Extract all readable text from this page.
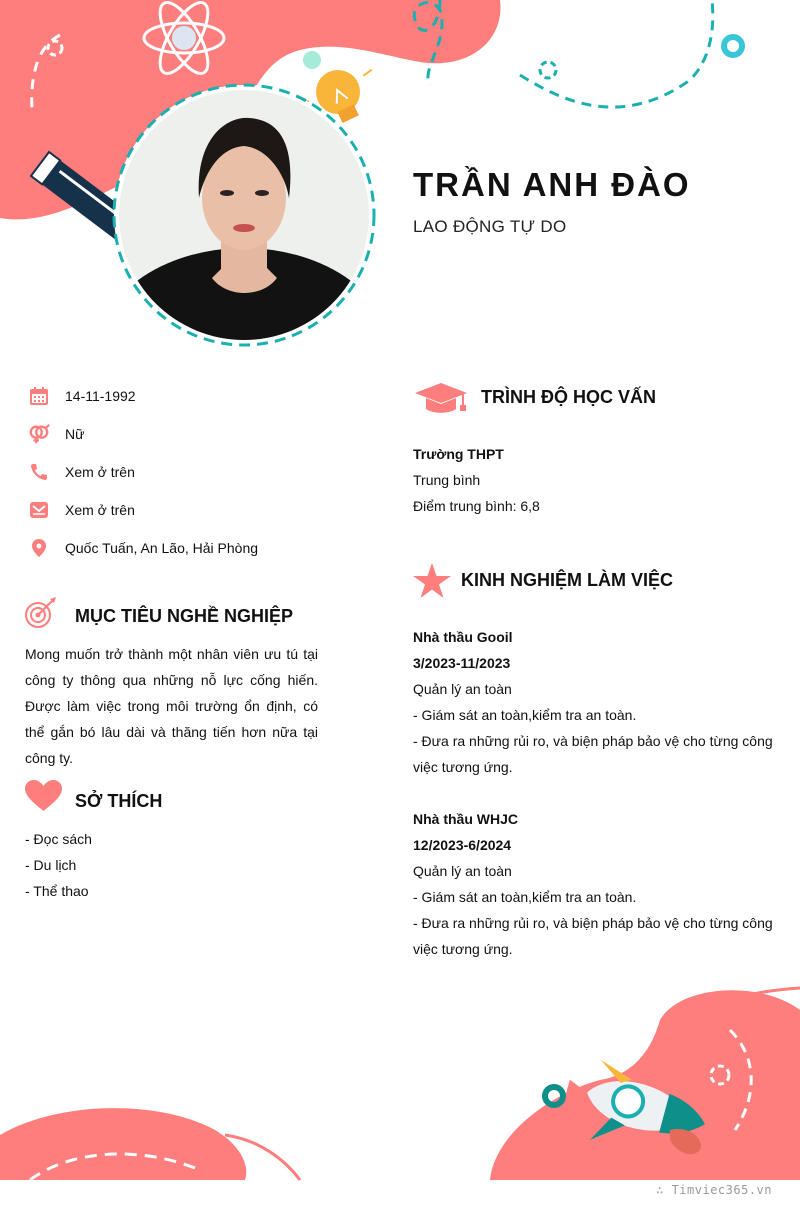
TRẦN ANH ĐÀO
LAO ĐỘNG TỰ DO
14-11-1992
Nữ
Xem ở trên
Xem ở trên
Quốc Tuấn, An Lão, Hải Phòng
MỤC TIÊU NGHỀ NGHIỆP
Mong muốn trở thành một nhân viên ưu tú tại công ty thông qua những nỗ lực cống hiến. Được làm việc trong môi trường ổn định, có thể gắn bó lâu dài và thăng tiến hơn nữa tại công ty.
SỞ THÍCH
- Đọc sách
- Du lịch
- Thể thao
TRÌNH ĐỘ HỌC VẤN
Trường THPT
Trung bình
Điểm trung bình: 6,8
KINH NGHIỆM LÀM VIỆC
Nhà thầu Gooil
3/2023-11/2023
Quản lý an toàn
- Giám sát an toàn,kiểm tra an toàn.
- Đưa ra những rủi ro, và biện pháp bảo vệ cho từng công
việc tương ứng.
Nhà thầu WHJC
12/2023-6/2024
Quản lý an toàn
- Giám sát an toàn,kiểm tra an toàn.
- Đưa ra những rủi ro, và biện pháp bảo vệ cho từng công
việc tương ứng.
∴ Timviec365.vn
